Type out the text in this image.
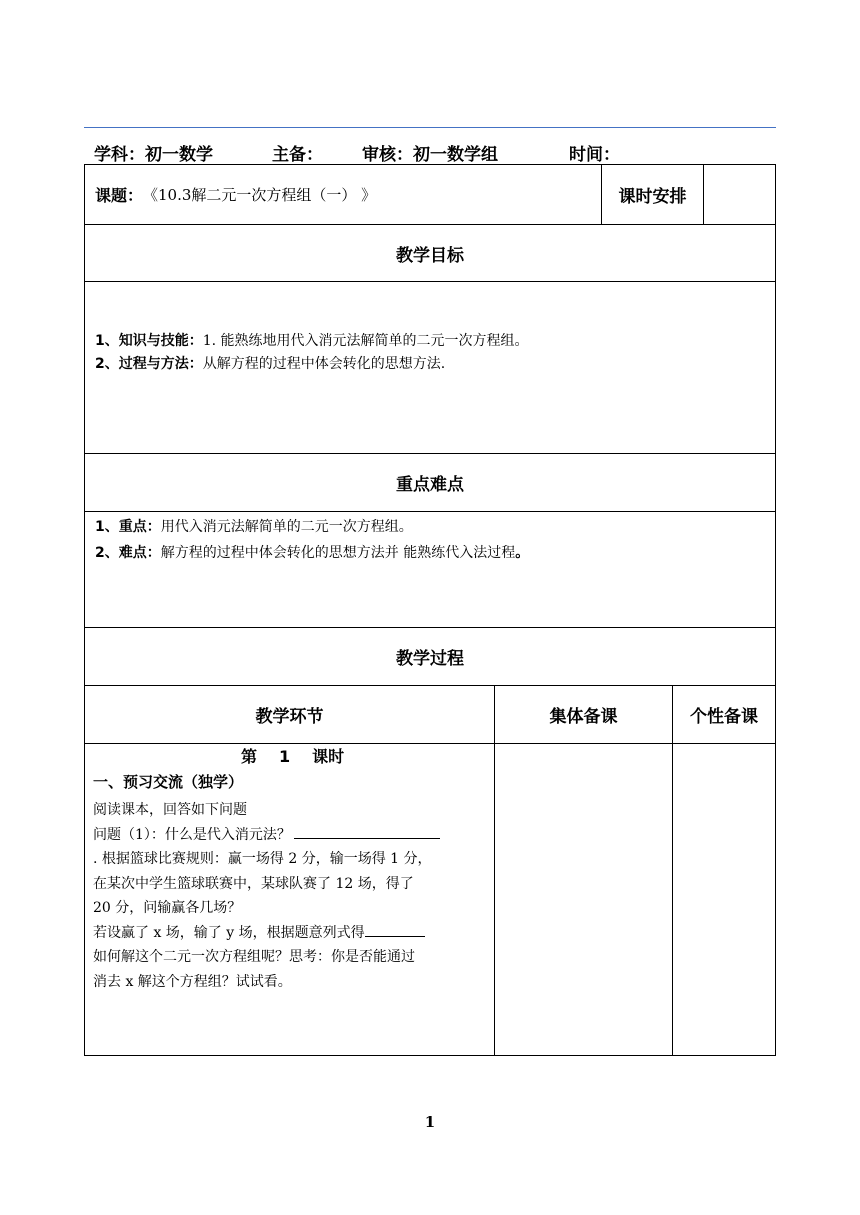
学科：初一数学	主备： 审核：初一数学组	时间：
课题： 《10.3解二元一次方程组（一） 》	课时安排
教学目标
1、知识与技能：1. 能熟练地用代入消元法解简单的二元一次方程组。
2、过程与方法：从解方程的过程中体会转化的思想方法.
重点难点
1、重点：用代入消元法解简单的二元一次方程组。
2、难点：解方程的过程中体会转化的思想方法并 能熟练代入法过程。
教学过程
教学环节	集体备课	个性备课
第 1 课时
一、预习交流（独学）
阅读课本，回答如下问题
问题（1）：什么是代入消元法？
. 根据篮球比赛规则：赢一场得 2 分，输一场得 1 分，
在某次中学生篮球联赛中，某球队赛了 12 场，得了
20 分，问输赢各几场？
若设赢了 x 场，输了 y 场，根据题意列式得
如何解这个二元一次方程组呢？思考：你是否能通过
消去 x 解这个方程组？试试看。
1
